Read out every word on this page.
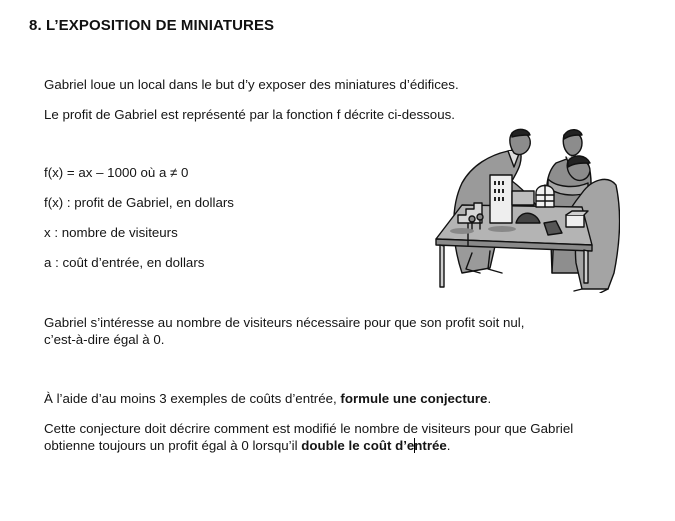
8. L’EXPOSITION DE MINIATURES
Gabriel loue un local dans le but d’y exposer des miniatures d’édifices.
Le profit de Gabriel est représenté par la fonction f décrite ci-dessous.
f(x) = ax – 1000 où a ≠ 0
f(x) : profit de Gabriel, en dollars
x : nombre de visiteurs
a : coût d’entrée, en dollars
Gabriel s’intéresse au nombre de visiteurs nécessaire pour que son profit soit nul,
c’est-à-dire égal à 0.
À l’aide d’au moins 3 exemples de coûts d’entrée, formule une conjecture.
Cette conjecture doit décrire comment est modifié le nombre de visiteurs pour que Gabriel
obtienne toujours un profit égal à 0 lorsqu’il double le coût d’entrée.
